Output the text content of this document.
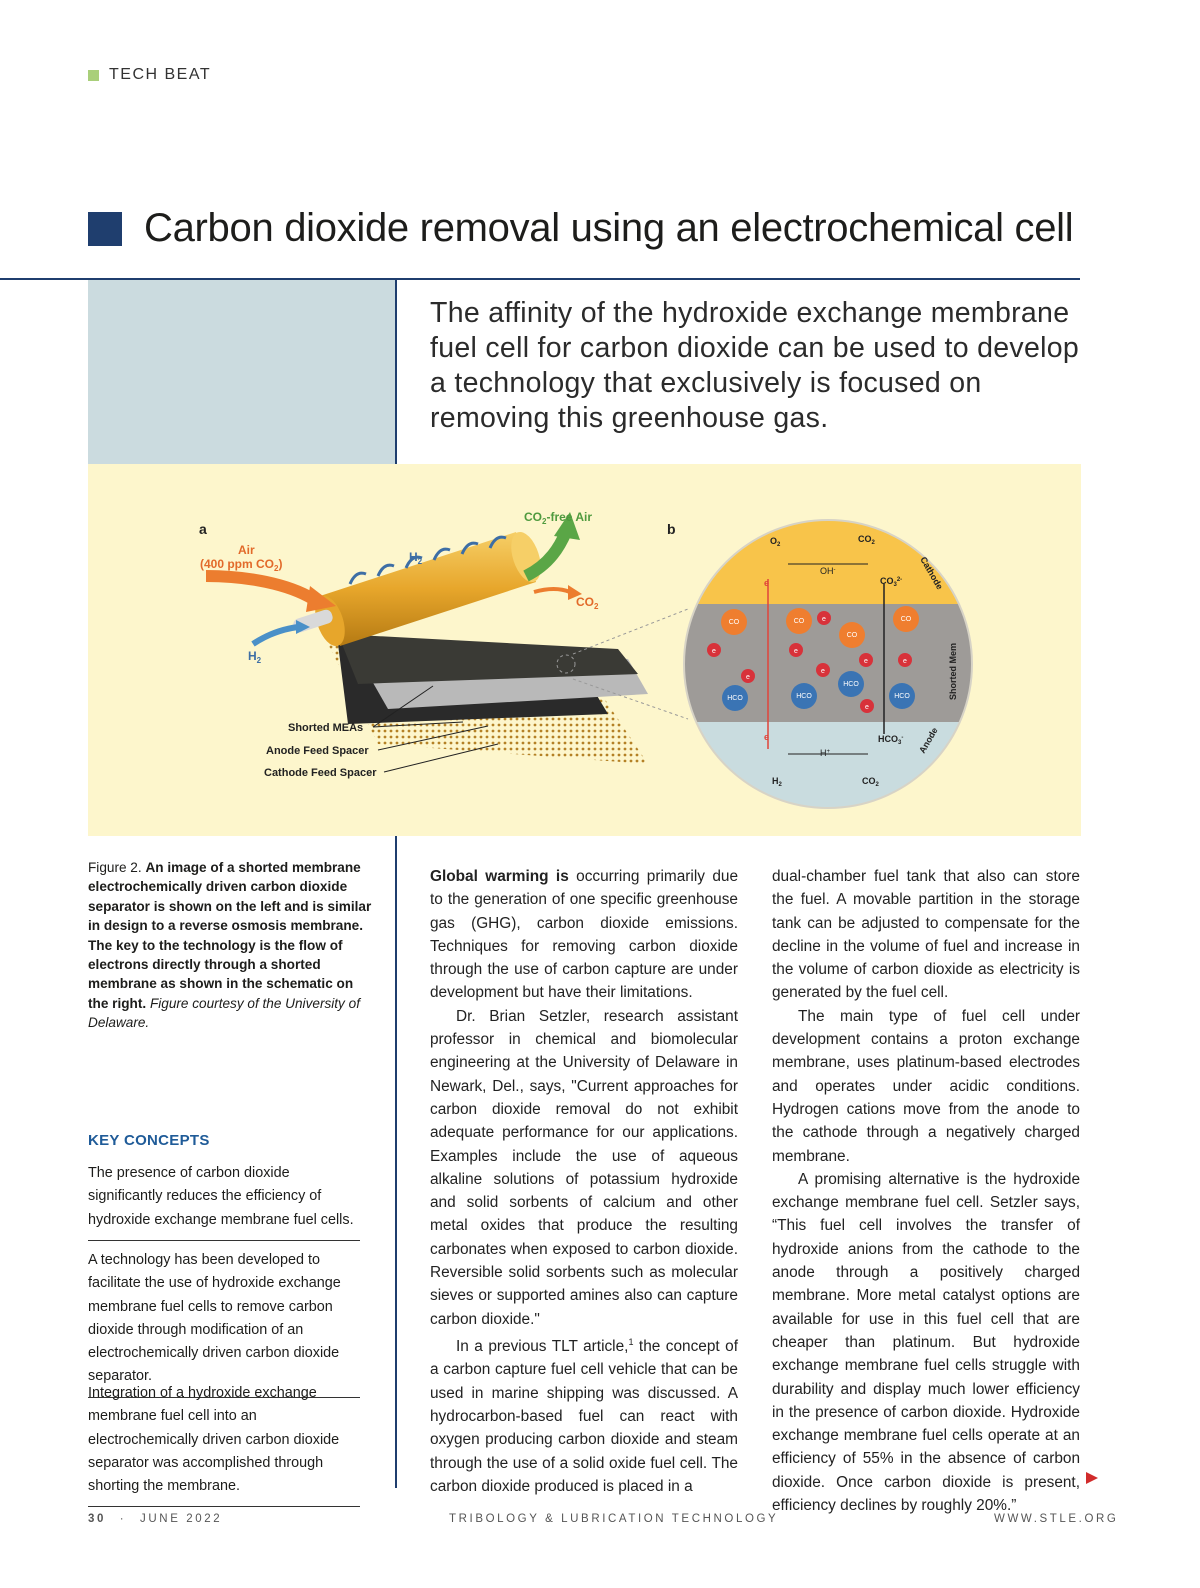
TECH BEAT
Carbon dioxide removal using an electrochemical cell
The affinity of the hydroxide exchange membrane fuel cell for carbon dioxide can be used to develop a technology that exclusively is focused on removing this greenhouse gas.
a	b
Air
(400 ppm $CO_2$)	$H_2$
$H_2$
$CO_2$-free Air
$CO_2$
Shorted MEAs
Anode Feed Spacer
Cathode Feed Spacer
CO	CO
CO
CO
HCO	HCO
HCO
HCO
e
e
e
e
e
e	e
e
$O_2$
$CO_2$
OH-
$CO_3^{2-}$
e
e
H+
$HCO_3^-$
$H_2$	$CO_2$
Cathode
Shorted Mem
Anode
Figure 2. An image of a shorted membrane electrochemically driven carbon dioxide separator is shown on the left and is similar in design to a reverse osmosis membrane. The key to the technology is the flow of electrons directly through a shorted membrane as shown in the schematic on the right. Figure courtesy of the University of Delaware.
KEY CONCEPTS
The presence of carbon dioxide significantly reduces the efficiency of hydroxide exchange membrane fuel cells.
A technology has been developed to facilitate the use of hydroxide exchange membrane fuel cells to remove carbon dioxide through modification of an electrochemically driven carbon dioxide separator.
Integration of a hydroxide exchange membrane fuel cell into an electrochemically driven carbon dioxide separator was accomplished through shorting the membrane.

Global warming is occurring primarily due to the generation of one specific greenhouse gas (GHG), carbon dioxide emissions. Techniques for removing carbon dioxide through the use of carbon capture are under development but have their limitations.

Dr. Brian Setzler, research assistant professor in chemical and biomolecular engineering at the University of Delaware in Newark, Del., says, "Current approaches for carbon dioxide removal do not exhibit adequate performance for our applications. Examples include the use of aqueous alkaline solutions of potassium hydroxide and solid sorbents of calcium and other metal oxides that produce the resulting carbonates when exposed to carbon dioxide. Reversible solid sorbents such as molecular sieves or supported amines also can capture carbon dioxide."

In a previous TLT article,$^1$ the concept of a carbon capture fuel cell vehicle that can be used in marine shipping was discussed. A hydrocarbon-based fuel can react with oxygen producing carbon dioxide and steam through the use of a solid oxide fuel cell. The carbon dioxide produced is placed in a

dual-chamber fuel tank that also can store the fuel. A movable partition in the storage tank can be adjusted to compensate for the decline in the volume of fuel and increase in the volume of carbon dioxide as electricity is generated by the fuel cell.

The main type of fuel cell under development contains a proton exchange membrane, uses platinum-based electrodes and operates under acidic conditions. Hydrogen cations move from the anode to the cathode through a negatively charged membrane.

A promising alternative is the hydroxide exchange membrane fuel cell. Setzler says, “This fuel cell involves the transfer of hydroxide anions from the cathode to the anode through a positively charged membrane. More metal catalyst options are available for use in this fuel cell that are cheaper than platinum. But hydroxide exchange membrane fuel cells struggle with durability and display much lower efficiency in the presence of carbon dioxide. Hydroxide exchange membrane fuel cells operate at an efficiency of 55% in the absence of carbon dioxide. Once carbon dioxide is present, efficiency declines by roughly 20%.”

30 · JUNE 2022	TRIBOLOGY & LUBRICATION TECHNOLOGY	WWW.STLE.ORG
